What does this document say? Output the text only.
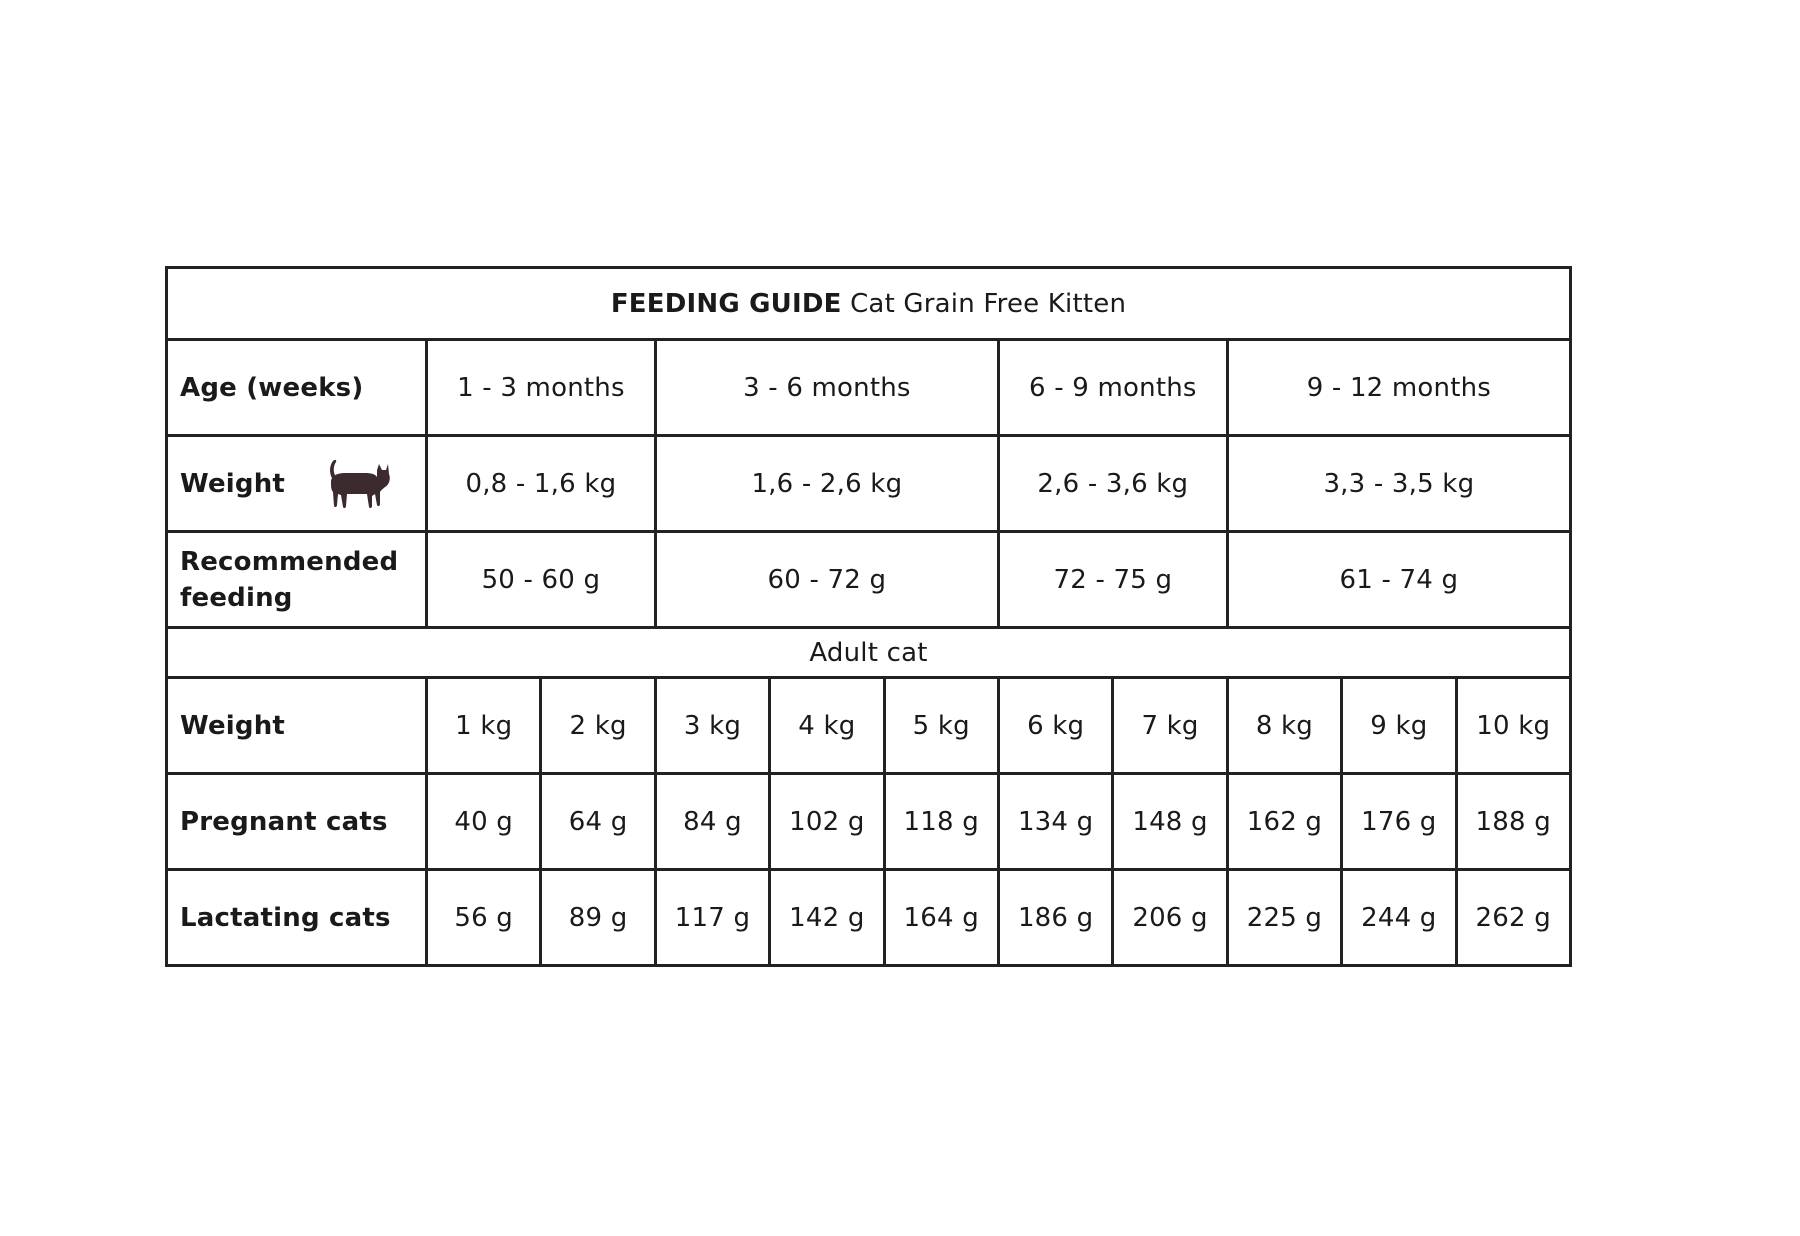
FEEDING GUIDE Cat Grain Free Kitten										
Age (weeks)	1 - 3 months		3 - 6 months			6 - 9 months		9 - 12 months		

Weight	0,8 - 1,6 kg		1,6 - 2,6 kg			2,6 - 3,6 kg		3,3 - 3,5 kg		

Recommended
feeding	50 - 60 g		60 - 72 g			72 - 75 g		61 - 74 g		
Adult cat										
Weight	1 kg	2 kg	3 kg	4 kg	5 kg	6 kg	7 kg	8 kg	9 kg	10 kg
Pregnant cats	40 g	64 g	84 g	102 g	118 g	134 g	148 g	162 g	176 g	188 g
Lactating cats	56 g	89 g	117 g	142 g	164 g	186 g	206 g	225 g	244 g	262 g
